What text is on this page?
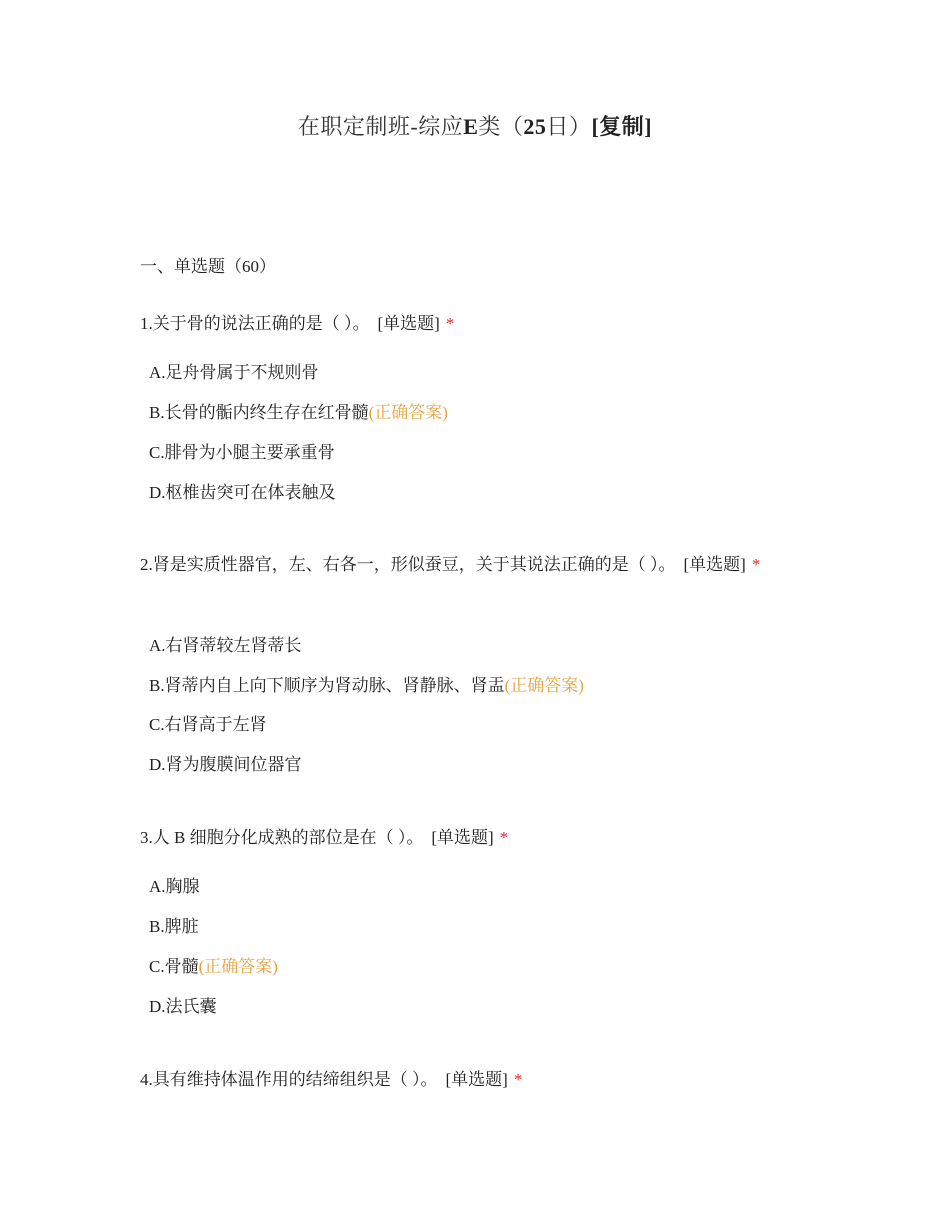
在职定制班-综应E类（25日）[复制]
一、单选题（60）
1.关于骨的说法正确的是（ ）。 [单选题] *
A.足舟骨属于不规则骨
B.长骨的骺内终生存在红骨髓(正确答案)
C.腓骨为小腿主要承重骨
D.枢椎齿突可在体表触及
2.肾是实质性器官，左、右各一，形似蚕豆，关于其说法正确的是（ ）。 [单选题] *
A.右肾蒂较左肾蒂长
B.肾蒂内自上向下顺序为肾动脉、肾静脉、肾盂(正确答案)
C.右肾高于左肾
D.肾为腹膜间位器官
3.人 B 细胞分化成熟的部位是在（ ）。 [单选题] *
A.胸腺
B.脾脏
C.骨髓(正确答案)
D.法氏囊
4.具有维持体温作用的结缔组织是（ ）。 [单选题] *
